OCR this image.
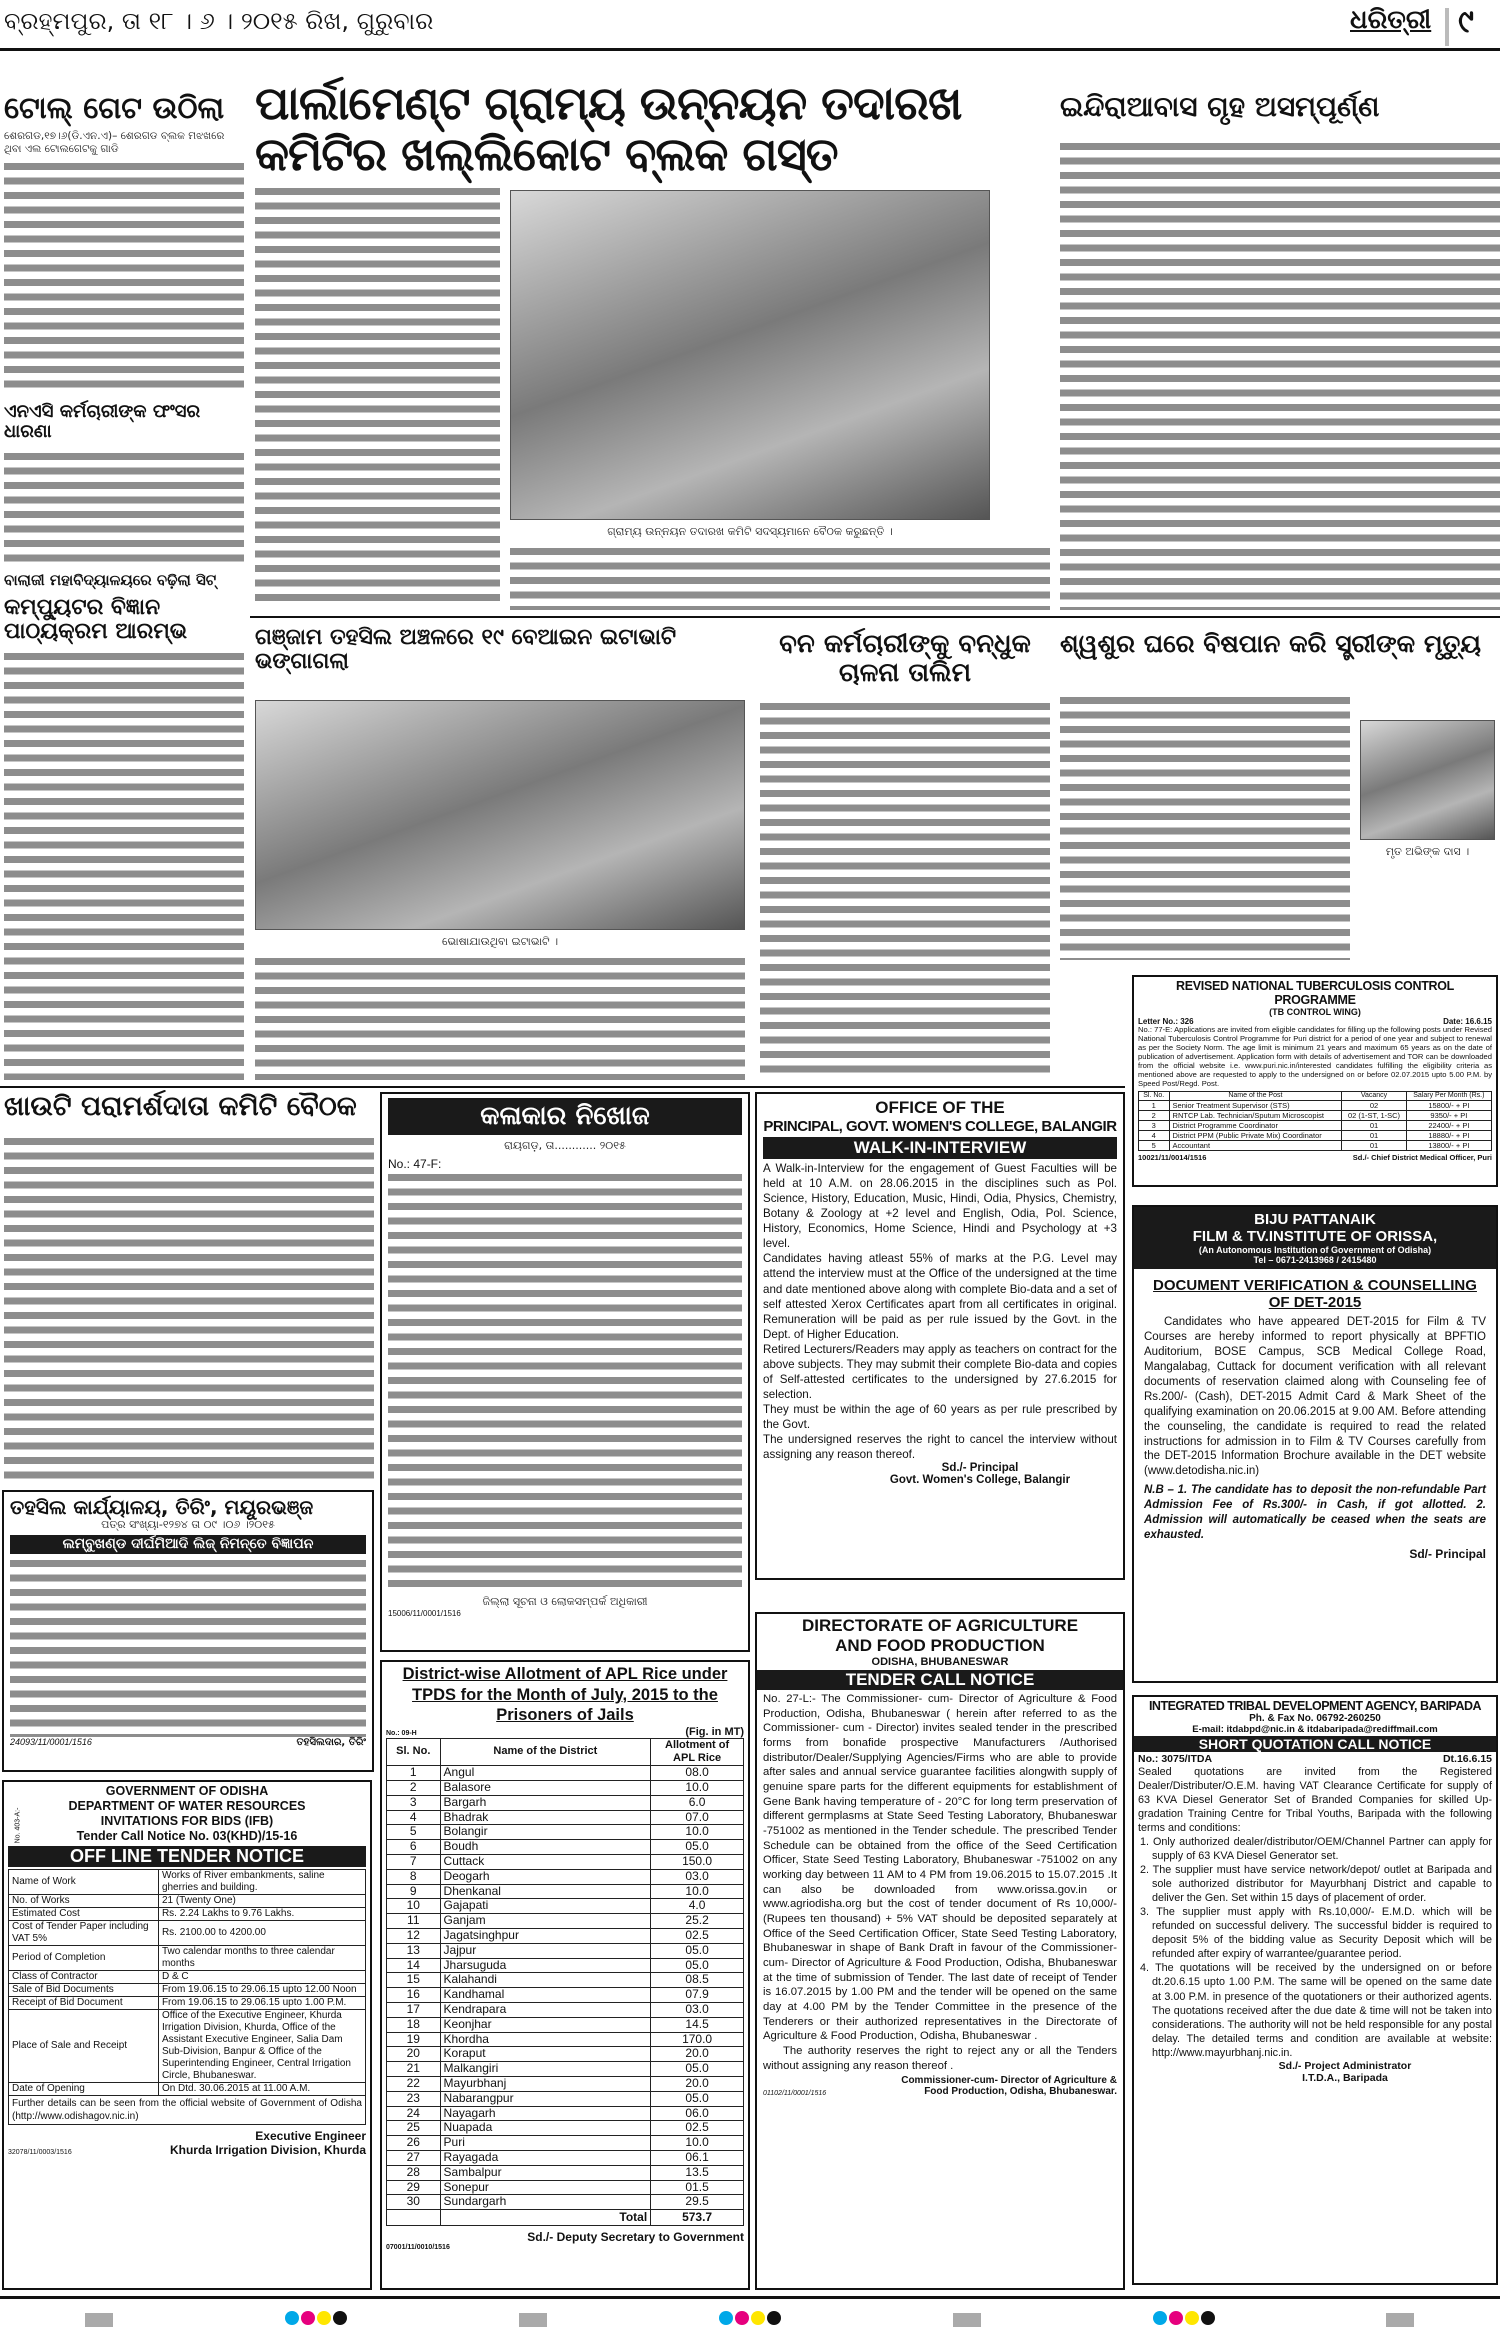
ବ୍ରହ୍ମପୁର, ତା ୧୮ । ୬ । ୨୦୧୫ ରିଖ, ଗୁରୁବାର	ଧରିତ୍ରୀ ୯
ଟୋଲ୍ ଗେଟ ଉଠିଲା
ଶେରଗଡ,୧୭।୬(ଡି.ଏନ.ଏ)– ଶେରଗଡ ବ୍ଲକ ମଝଖରେ ଥିବା ଏଲ ଟୋଲଗେଟକୁ ଗାଡି
ଏନଏସି କର୍ମଚାରୀଙ୍କ ଫଂସର ଧାରଣା
ବାଲାଜୀ ମହାବିଦ୍ୟାଳୟରେ ବଢ଼ିଲା ସିଟ୍
କମ୍ପ୍ୟୁଟର ବିଜ୍ଞାନ ପାଠ୍ୟକ୍ରମ ଆରମ୍ଭ
ପାର୍ଲାମେଣ୍ଟ ଗ୍ରାମ୍ୟ ଉନ୍ନୟନ ତଦାରଖ କମିଟିର ଖଲ୍ଲିକୋଟ ବ୍ଲକ ଗସ୍ତ
ଗ୍ରାମ୍ୟ ଉନ୍ନୟନ ତଦାରଖ କମିଟି ସଦସ୍ୟମାନେ ବୈଠକ କରୁଛନ୍ତି ।
ଇନ୍ଦିରାଆବାସ ଗୃହ ଅସମ୍ପୂର୍ଣ୍ଣ
ଗଞ୍ଜାମ ତହସିଲ ଅଞ୍ଚଳରେ ୧୯ ବେଆଇନ ଇଟାଭାଟି ଭଙ୍ଗାଗଲା
ଭୋଷାଯାଉଥିବା ଇଟାଭାଟି ।
ବନ କର୍ମଚାରୀଙ୍କୁ ବନ୍ଧୁକ ଚାଳନା ତାଲିମ
ଶ୍ୱଶୁର ଘରେ ବିଷପାନ କରି ସ୍ତ୍ରୀଙ୍କ ମୃତ୍ୟୁ
ମୃତ ଅଭିଙ୍କ ଦାସ ।
REVISED NATIONAL TUBERCULOSIS CONTROL PROGRAMME
(TB CONTROL WING)
Letter No.: 326	Date: 16.6.15
No.: 77-E: Applications are invited from eligible candidates for filling up the following posts under Revised National Tuberculosis Control Programme for Puri district for a period of one year and subject to renewal as per the Society Norm. The age limit is minimum 21 years and maximum 65 years as on the date of publication of advertisement. Application form with details of advertisement and TOR can be downloaded from the official website i.e. www.puri.nic.in/interested candidates fulfilling the eligibility criteria as mentioned above are requested to apply to the undersigned on or before 02.07.2015 upto 5.00 P.M. by Speed Post/Regd. Post.
Sl. No.	Name of the Post	Vacancy	Salary Per Month (Rs.)
1	Senior Treatment Supervisor (STS)	02	15800/- + PI
2	RNTCP Lab. Technician/Sputum Microscopist	02 (1-ST, 1-SC)	9350/- + PI
3	District Programme Coordinator	01	22400/- + PI
4	District PPM (Public Private Mix) Coordinator	01	18880/- + PI
5	Accountant	01	13800/- + PI
10021/11/0014/1516	Sd./- Chief District Medical Officer, Puri
ଖାଉଟି ପରାମର୍ଶଦାତା କମିଟି ବୈଠକ
ତହସିଲ କାର୍ଯ୍ୟାଳୟ, ତିରିଂ, ମୟୂରଭଞ୍ଜ
ପତ୍ର ସଂଖ୍ୟା-୧୨୭୪ ତା ୦୯ ।୦୬ ।୨୦୧୫
ଲମ୍ବୁଖଣ୍ଡ ଦୀର୍ଘମିଆଦି ଲିଜ୍ ନିମନ୍ତେ ବିଜ୍ଞାପନ
24093/11/0001/1516	ତହସିଲଦାର, ତିରିଂ
କଳାକାର ନିଖୋଜ
ରାୟଗଡ଼, ତା............ ୨୦୧୫
No.: 47-F:
ଜିଲ୍ଲା ସୂଚନା ଓ ଲୋକସମ୍ପର୍କ ଅଧିକାରୀ
15006/11/0001/1516
OFFICE OF THE
PRINCIPAL, GOVT. WOMEN'S COLLEGE, BALANGIR
WALK-IN-INTERVIEW
A Walk-in-Interview for the engagement of Guest Faculties will be held at 10 A.M. on 28.06.2015 in the disciplines such as Pol. Science, History, Education, Music, Hindi, Odia, Physics, Chemistry, Botany & Zoology at +2 level and English, Odia, Pol. Science, History, Economics, Home Science, Hindi and Psychology at +3 level.
Candidates having atleast 55% of marks at the P.G. Level may attend the interview must at the Office of the undersigned at the time and date mentioned above along with complete Bio-data and a set of self attested Xerox Certificates apart from all certificates in original. Remuneration will be paid as per rule issued by the Govt. in the Dept. of Higher Education.
Retired Lecturers/Readers may apply as teachers on contract for the above subjects. They may submit their complete Bio-data and copies of Self-attested certificates to the undersigned by 27.6.2015 for selection.
They must be within the age of 60 years as per rule prescribed by the Govt.
The undersigned reserves the right to cancel the interview without assigning any reason thereof.
Sd./- Principal
Govt. Women's College, Balangir
BIJU PATTANAIK
FILM & TV.INSTITUTE OF ORISSA,
(An Autonomous Institution of Government of Odisha)
Tel – 0671-2413968 / 2415480
DOCUMENT VERIFICATION & COUNSELLING OF DET-2015
Candidates who have appeared DET-2015 for Film & TV Courses are hereby informed to report physically at BPFTIO Auditorium, BOSE Campus, SCB Medical College Road, Mangalabag, Cuttack for document verification with all relevant documents of reservation claimed along with Counseling fee of Rs.200/- (Cash), DET-2015 Admit Card & Mark Sheet of the qualifying examination on 20.06.2015 at 9.00 AM. Before attending the counseling, the candidate is required to read the related instructions for admission in to Film & TV Courses carefully from the DET-2015 Information Brochure available in the DET website (www.detodisha.nic.in)
N.B – 1. The candidate has to deposit the non-refundable Part Admission Fee of Rs.300/- in Cash, if got allotted. 2. Admission will automatically be ceased when the seats are exhausted.
Sd/- Principal
No. 403-A:-
GOVERNMENT OF ODISHA
DEPARTMENT OF WATER RESOURCES
INVITATIONS FOR BIDS (IFB)
Tender Call Notice No. 03(KHD)/15-16
OFF LINE TENDER NOTICE
Name of Work	Works of River embankments, saline gherries and building.
No. of Works	21 (Twenty One)
Estimated Cost	Rs. 2.24 Lakhs to 9.76 Lakhs.
Cost of Tender Paper including VAT 5%	Rs. 2100.00 to 4200.00
Period of Completion	Two calendar months to three calendar months
Class of Contractor	D & C
Sale of Bid Documents	From 19.06.15 to 29.06.15 upto 12.00 Noon
Receipt of Bid Document	From 19.06.15 to 29.06.15 upto 1.00 P.M.
Place of Sale and Receipt	Office of the Executive Engineer, Khurda Irrigation Division, Khurda, Office of the Assistant Executive Engineer, Salia Dam Sub-Division, Banpur & Office of the Superintending Engineer, Central Irrigation Circle, Bhubaneswar.
Date of Opening	On Dtd. 30.06.2015 at 11.00 A.M.
Further details can be seen from the official website of Government of Odisha (http://www.odishagov.nic.in)
Executive Engineer
32078/11/0003/1516	Khurda Irrigation Division, Khurda
District-wise Allotment of APL Rice under TPDS for the Month of July, 2015 to the Prisoners of Jails
No.: 09-H	(Fig. in MT)
Sl. No.	Name of the District	Allotment of APL Rice
1	Angul	08.0
2	Balasore	10.0
3	Bargarh	6.0
4	Bhadrak	07.0
5	Bolangir	10.0
6	Boudh	05.0
7	Cuttack	150.0
8	Deogarh	03.0
9	Dhenkanal	10.0
10	Gajapati	4.0
11	Ganjam	25.2
12	Jagatsinghpur	02.5
13	Jajpur	05.0
14	Jharsuguda	05.0
15	Kalahandi	08.5
16	Kandhamal	07.9
17	Kendrapara	03.0
18	Keonjhar	14.5
19	Khordha	170.0
20	Koraput	20.0
21	Malkangiri	05.0
22	Mayurbhanj	20.0
23	Nabarangpur	05.0
24	Nayagarh	06.0
25	Nuapada	02.5
26	Puri	10.0
27	Rayagada	06.1
28	Sambalpur	13.5
29	Sonepur	01.5
30	Sundargarh	29.5
	Total	573.7
Sd./- Deputy Secretary to Government
07001/11/0010/1516
DIRECTORATE OF AGRICULTURE
AND FOOD PRODUCTION
ODISHA, BHUBANESWAR
TENDER CALL NOTICE
No. 27-L:- The Commissioner- cum- Director of Agriculture & Food Production, Odisha, Bhubaneswar ( herein after referred to as the Commissioner- cum - Director) invites sealed tender in the prescribed forms from bonafide prospective Manufacturers /Authorised distributor/Dealer/Supplying Agencies/Firms who are able to provide after sales and annual service guarantee facilities alongwith supply of genuine spare parts for the different equipments for establishment of Gene Bank having temperature of - 20°C for long term preservation of different germplasms at State Seed Testing Laboratory, Bhubaneswar -751002 as mentioned in the Tender schedule. The prescribed Tender Schedule can be obtained from the office of the Seed Certification Officer, State Seed Testing Laboratory, Bhubaneswar -751002 on any working day between 11 AM to 4 PM from 19.06.2015 to 15.07.2015 .It can also be downloaded from www.orissa.gov.in or www.agriodisha.org but the cost of tender document of Rs 10,000/- (Rupees ten thousand) + 5% VAT should be deposited separately at Office of the Seed Certification Officer, State Seed Testing Laboratory, Bhubaneswar in shape of Bank Draft in favour of the Commissioner-cum- Director of Agriculture & Food Production, Odisha, Bhubaneswar at the time of submission of Tender. The last date of receipt of Tender is 16.07.2015 by 1.00 PM and the tender will be opened on the same day at 4.00 PM by the Tender Committee in the presence of the Tenderers or their authorized representatives in the Directorate of Agriculture & Food Production, Odisha, Bhubaneswar .
The authority reserves the right to reject any or all the Tenders without assigning any reason thereof .
01102/11/0001/1516
Commissioner-cum- Director of Agriculture & Food Production, Odisha, Bhubaneswar.
INTEGRATED TRIBAL DEVELOPMENT AGENCY, BARIPADA
Ph. & Fax No. 06792-260250
E-mail: itdabpd@nic.in & itdabaripada@rediffmail.com
SHORT QUOTATION CALL NOTICE
No.: 3075/ITDA	Dt.16.6.15
Sealed quotations are invited from the Registered Dealer/Distributer/O.E.M. having VAT Clearance Certificate for supply of 63 KVA Diesel Generator Set of Branded Companies for skilled Up-gradation Training Centre for Tribal Youths, Baripada with the following terms and conditions:
1. Only authorized dealer/distributor/OEM/Channel Partner can apply for supply of 63 KVA Diesel Generator set.
2. The supplier must have service network/depot/ outlet at Baripada and sole authorized distributor for Mayurbhanj District and capable to deliver the Gen. Set within 15 days of placement of order.
3. The supplier must apply with Rs.10,000/- E.M.D. which will be refunded on successful delivery. The successful bidder is required to deposit 5% of the bidding value as Security Deposit which will be refunded after expiry of warrantee/guarantee period.
4. The quotations will be received by the undersigned on or before dt.20.6.15 upto 1.00 P.M. The same will be opened on the same date at 3.00 P.M. in presence of the quotationers or their authorized agents. The quotations received after the due date & time will not be taken into considerations. The authority will not be held responsible for any postal delay. The detailed terms and condition are available at website: http://www.mayurbhanj.nic.in.
Sd./- Project Administrator
I.T.D.A., Baripada
